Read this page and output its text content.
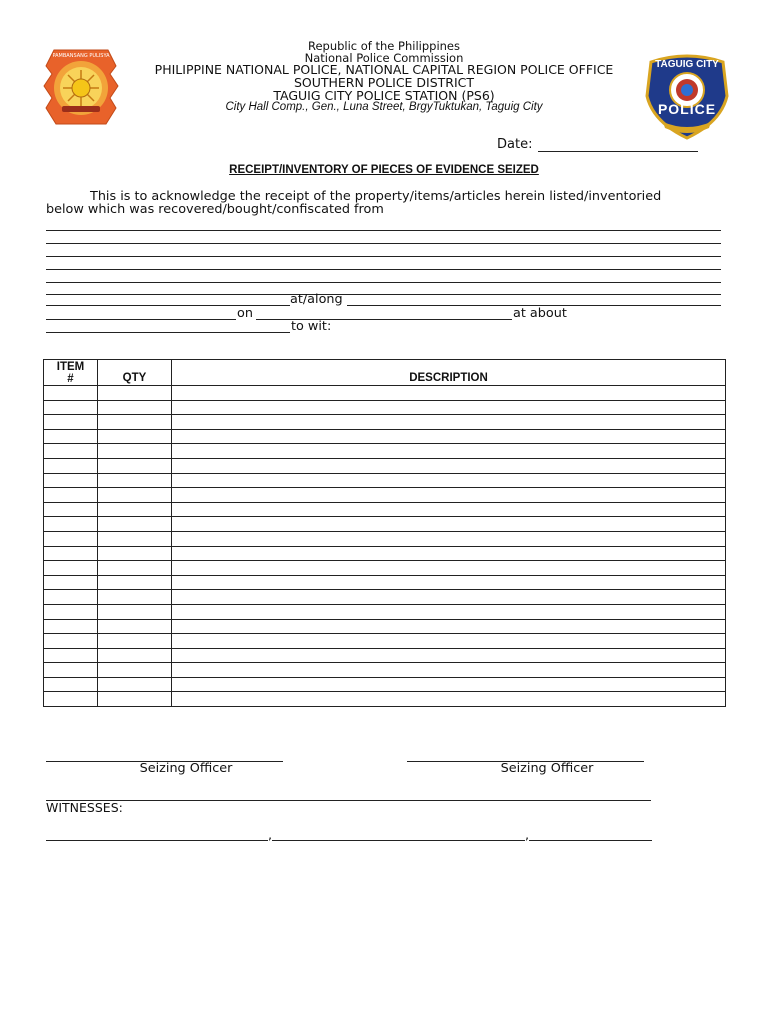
PAMBANSANG PULISYA
TAGUIG CITY
POLICE
Republic of the Philippines
National Police Commission
PHILIPPINE NATIONAL POLICE, NATIONAL CAPITAL REGION POLICE OFFICE
SOUTHERN POLICE DISTRICT
TAGUIG CITY POLICE STATION (PS6)
City Hall Comp., Gen., Luna Street, BrgyTuktukan, Taguig City
Date:
RECEIPT/INVENTORY OF PIECES OF EVIDENCE SEIZED
This is to acknowledge the receipt of the property/items/articles herein listed/inventoried
below which was recovered/bought/confiscated from
at/along
on	at about
to wit:
ITEM
#	QTY	DESCRIPTION

Seizing Officer	Seizing Officer
WITNESSES:
,	,
